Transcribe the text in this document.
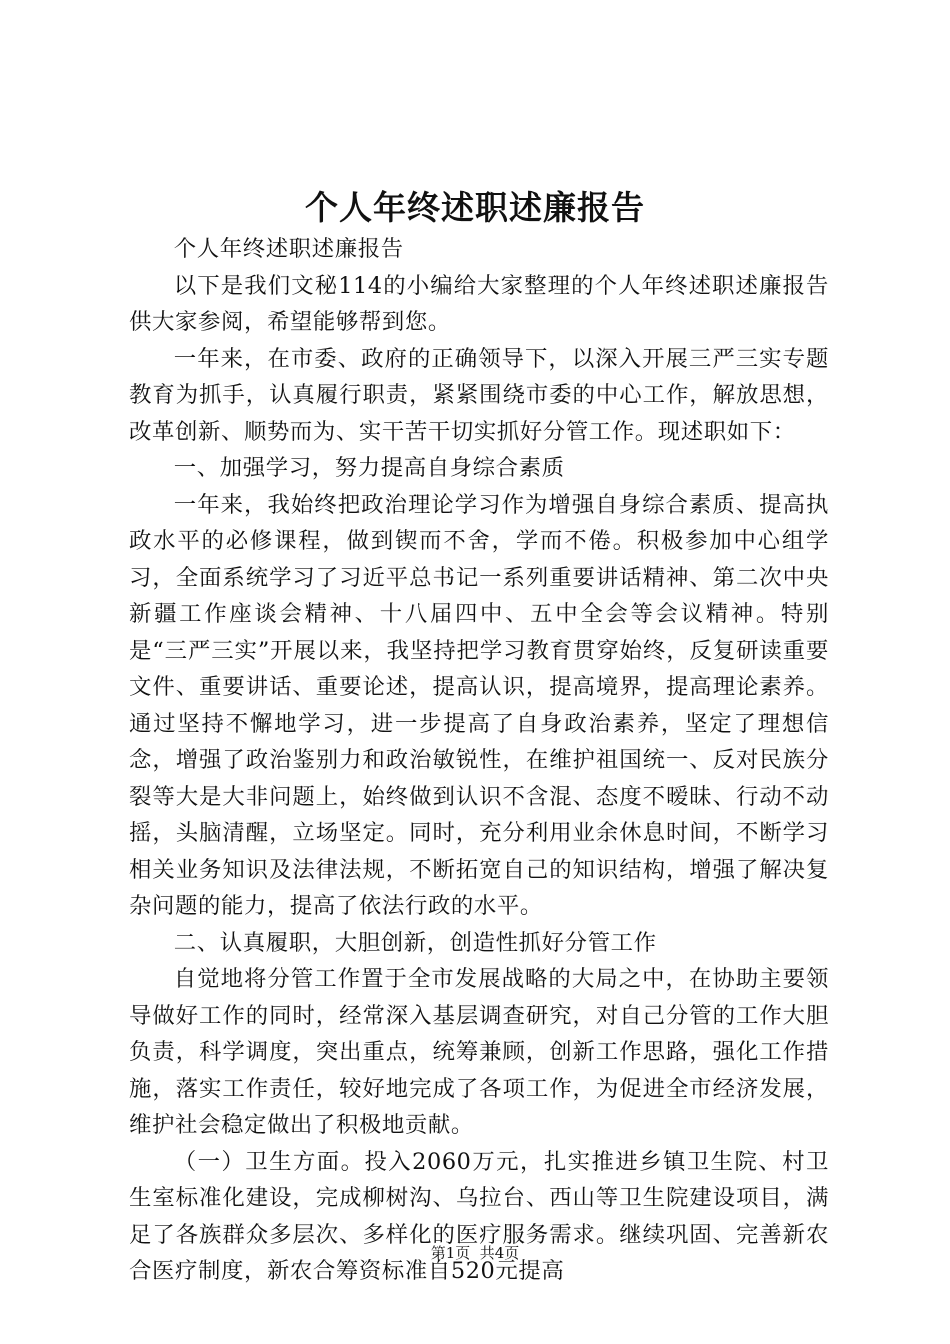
个人年终述职述廉报告

个人年终述职述廉报告

以下是我们文秘114的小编给大家整理的个人年终述职述廉报告供大家参阅，希望能够帮到您。

一年来，在市委、政府的正确领导下，以深入开展三严三实专题教育为抓手，认真履行职责，紧紧围绕市委的中心工作，解放思想，改革创新、顺势而为、实干苦干切实抓好分管工作。现述职如下：

一、加强学习，努力提高自身综合素质

一年来，我始终把政治理论学习作为增强自身综合素质、提高执政水平的必修课程，做到锲而不舍，学而不倦。积极参加中心组学习，全面系统学习了习近平总书记一系列重要讲话精神、第二次中央新疆工作座谈会精神、十八届四中、五中全会等会议精神。特别是“三严三实”开展以来，我坚持把学习教育贯穿始终，反复研读重要文件、重要讲话、重要论述，提高认识，提高境界，提高理论素养。通过坚持不懈地学习，进一步提高了自身政治素养，坚定了理想信念，增强了政治鉴别力和政治敏锐性，在维护祖国统一、反对民族分裂等大是大非问题上，始终做到认识不含混、态度不暧昧、行动不动摇，头脑清醒，立场坚定。同时，充分利用业余休息时间，不断学习相关业务知识及法律法规，不断拓宽自己的知识结构，增强了解决复杂问题的能力，提高了依法行政的水平。

二、认真履职，大胆创新，创造性抓好分管工作

自觉地将分管工作置于全市发展战略的大局之中，在协助主要领导做好工作的同时，经常深入基层调查研究，对自己分管的工作大胆负责，科学调度，突出重点，统筹兼顾，创新工作思路，强化工作措施，落实工作责任，较好地完成了各项工作，为促进全市经济发展，维护社会稳定做出了积极地贡献。

（一）卫生方面。投入2060万元，扎实推进乡镇卫生院、村卫生室标准化建设，完成柳树沟、乌拉台、西山等卫生院建设项目，满足了各族群众多层次、多样化的医疗服务需求。继续巩固、完善新农合医疗制度，新农合筹资标准自520元提高

第1页  共4页
